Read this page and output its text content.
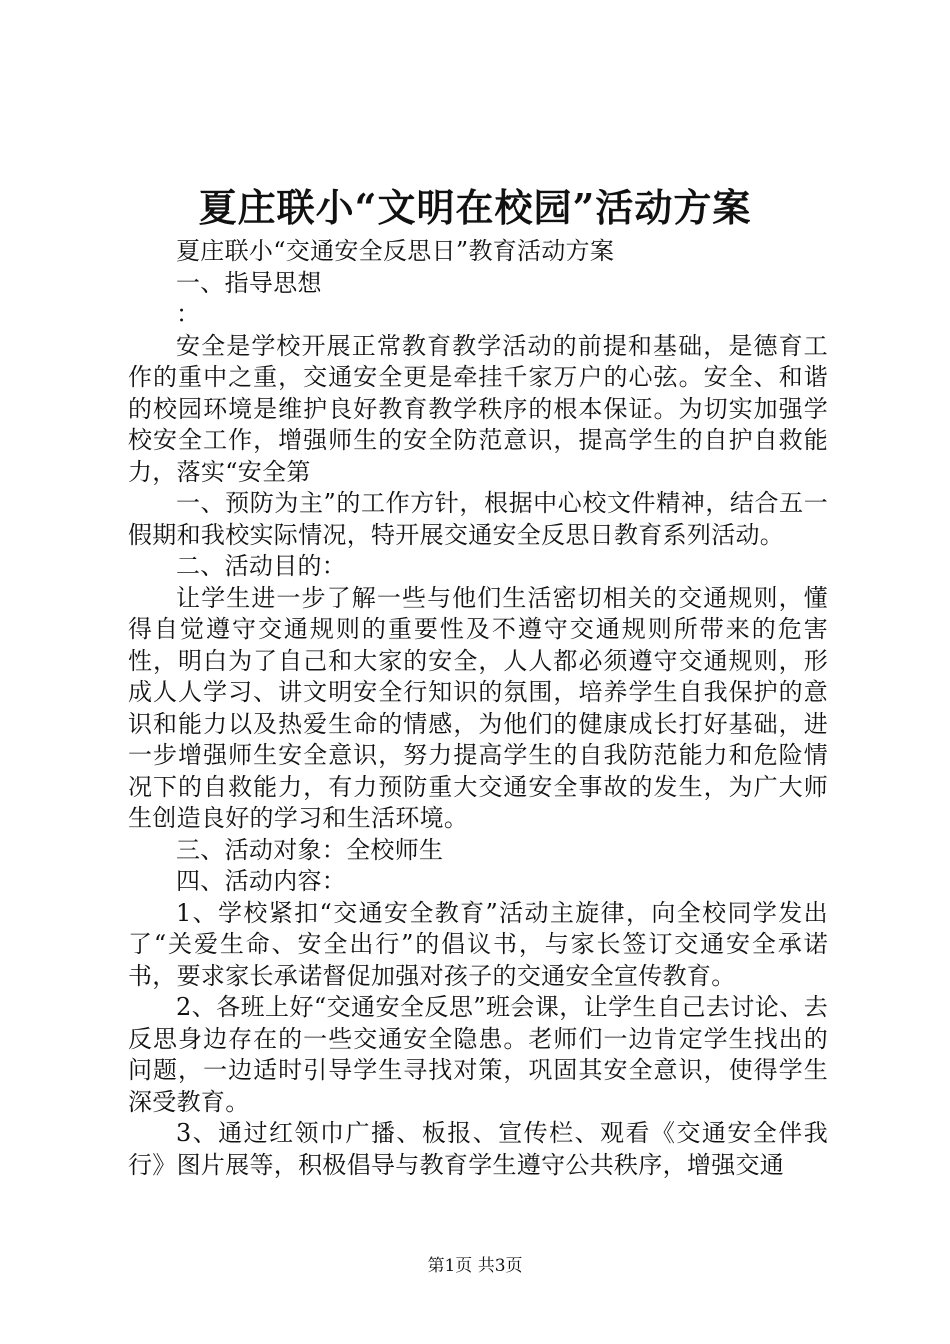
夏庄联小“文明在校园”活动方案

夏庄联小“交通安全反思日”教育活动方案

一、指导思想

：

安全是学校开展正常教育教学活动的前提和基础，是德育工作的重中之重，交通安全更是牵挂千家万户的心弦。安全、和谐的校园环境是维护良好教育教学秩序的根本保证。为切实加强学校安全工作，增强师生的安全防范意识，提高学生的自护自救能力，落实“安全第

一、预防为主”的工作方针，根据中心校文件精神，结合五一假期和我校实际情况，特开展交通安全反思日教育系列活动。

二、活动目的：

让学生进一步了解一些与他们生活密切相关的交通规则，懂得自觉遵守交通规则的重要性及不遵守交通规则所带来的危害性，明白为了自己和大家的安全，人人都必须遵守交通规则，形成人人学习、讲文明安全行知识的氛围，培养学生自我保护的意识和能力以及热爱生命的情感，为他们的健康成长打好基础，进一步增强师生安全意识，努力提高学生的自我防范能力和危险情况下的自救能力，有力预防重大交通安全事故的发生，为广大师生创造良好的学习和生活环境。

三、活动对象：全校师生

四、活动内容：

1、学校紧扣“交通安全教育”活动主旋律，向全校同学发出了“关爱生命、安全出行”的倡议书，与家长签订交通安全承诺书，要求家长承诺督促加强对孩子的交通安全宣传教育。

2、各班上好“交通安全反思”班会课，让学生自己去讨论、去反思身边存在的一些交通安全隐患。老师们一边肯定学生找出的问题，一边适时引导学生寻找对策，巩固其安全意识，使得学生深受教育。

3、通过红领巾广播、板报、宣传栏、观看《交通安全伴我行》图片展等，积极倡导与教育学生遵守公共秩序，增强交通

第1页 共3页
